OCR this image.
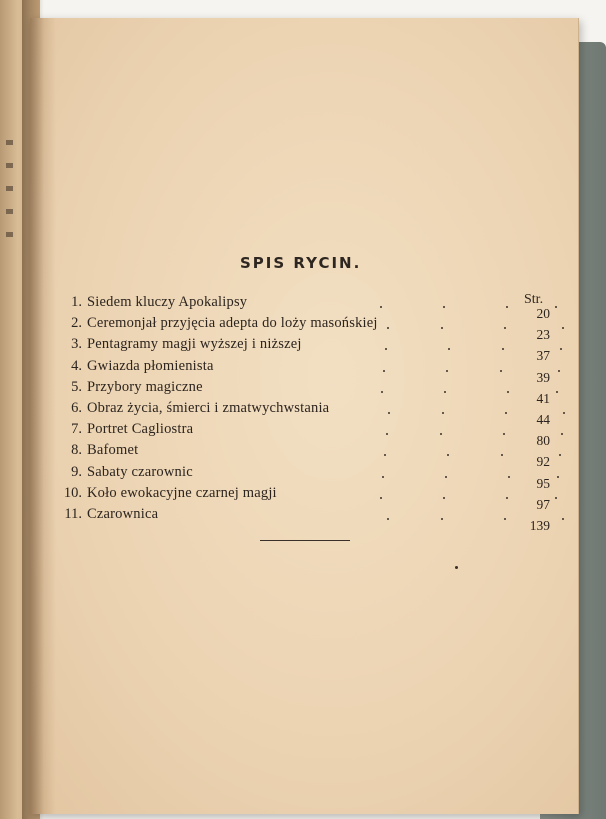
SPIS RYCIN.
Str.
1. Siedem kluczy Apokalipsy
20
2. Ceremonjał przyjęcia adepta do loży masońskiej
23
3. Pentagramy magji wyższej i niższej
37
4. Gwiazda płomienista
39
5. Przybory magiczne
41
6. Obraz życia, śmierci i zmatwychwstania
44
7. Portret Cagliostra
80
8. Bafomet
92
9. Sabaty czarownic
95
10. Koło ewokacyjne czarnej magji
97
11. Czarownica
139
